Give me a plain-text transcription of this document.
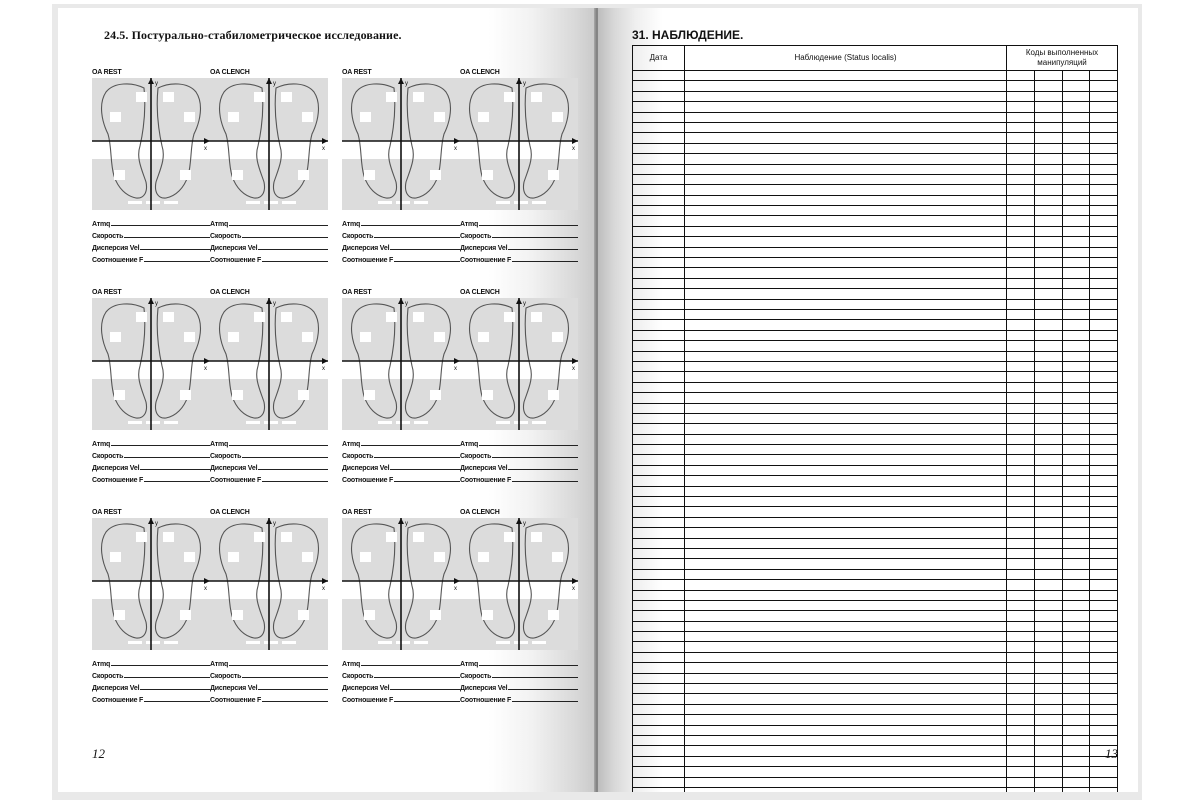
24.5. Постурально-стабилометрическое исследование.
OA REST
y
x
Атmq
Скорость
Дисперсия Vel
Соотношение F
OA CLENCH
y
x
Атmq
Скорость
Дисперсия Vel
Соотношение F
OA REST
y
x
Атmq
Скорость
Дисперсия Vel
Соотношение F
OA CLENCH
y
x
Атmq
Скорость
Дисперсия Vel
Соотношение F
OA REST
y
x
Атmq
Скорость
Дисперсия Vel
Соотношение F
OA CLENCH
y
x
Атmq
Скорость
Дисперсия Vel
Соотношение F
OA REST
y
x
Атmq
Скорость
Дисперсия Vel
Соотношение F
OA CLENCH
y
x
Атmq
Скорость
Дисперсия Vel
Соотношение F
OA REST
y
x
Атmq
Скорость
Дисперсия Vel
Соотношение F
OA CLENCH
y
x
Атmq
Скорость
Дисперсия Vel
Соотношение F
OA REST
y
x
Атmq
Скорость
Дисперсия Vel
Соотношение F
OA CLENCH
y
x
Атmq
Скорость
Дисперсия Vel
Соотношение F
12
31. НАБЛЮДЕНИЕ.
Дата	Наблюдение (Status localis)	Коды выполненных манипуляций			

13
